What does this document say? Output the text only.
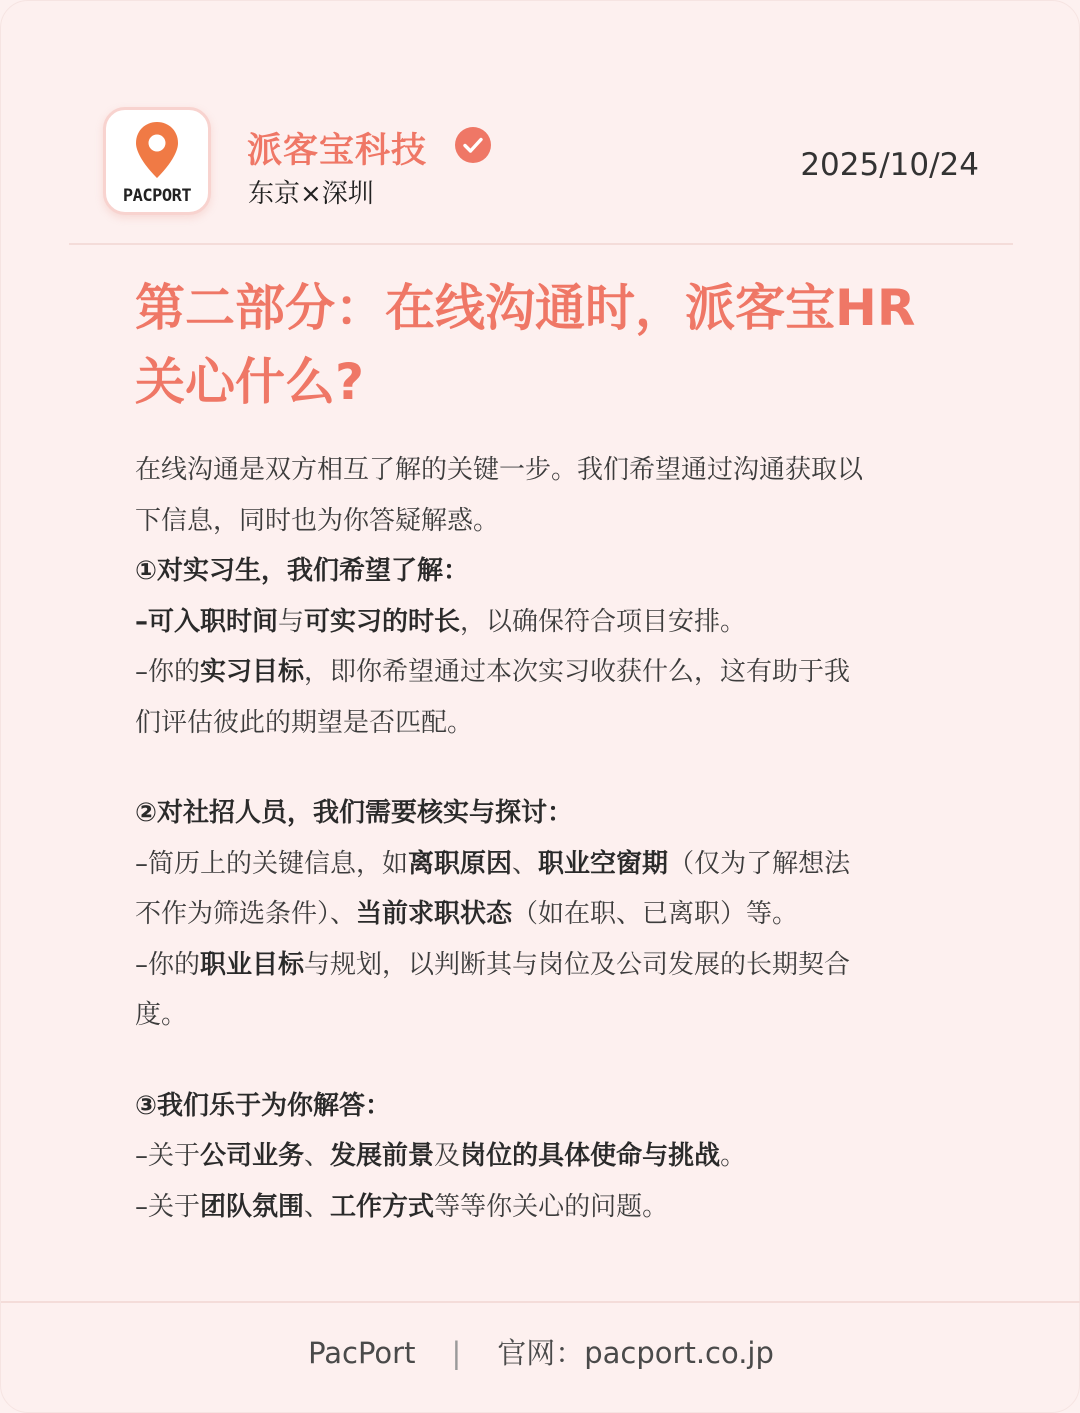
PACPORT
派客宝科技
东京×深圳
2025/10/24
第二部分：在线沟通时，派客宝HR
关心什么?
在线沟通是双方相互了解的关键一步。我们希望通过沟通获取以
下信息，同时也为你答疑解惑。
①对实习生，我们希望了解：
–可入职时间与可实习的时长，以确保符合项目安排。
–你的实习目标，即你希望通过本次实习收获什么，这有助于我
们评估彼此的期望是否匹配。
②对社招人员，我们需要核实与探讨：
–简历上的关键信息，如离职原因、职业空窗期（仅为了解想法
不作为筛选条件）、当前求职状态（如在职、已离职）等。
–你的职业目标与规划，以判断其与岗位及公司发展的长期契合
度。
③我们乐于为你解答：
–关于公司业务、发展前景及岗位的具体使命与挑战。
–关于团队氛围、工作方式等等你关心的问题。
PacPort | 官网：pacport.co.jp
